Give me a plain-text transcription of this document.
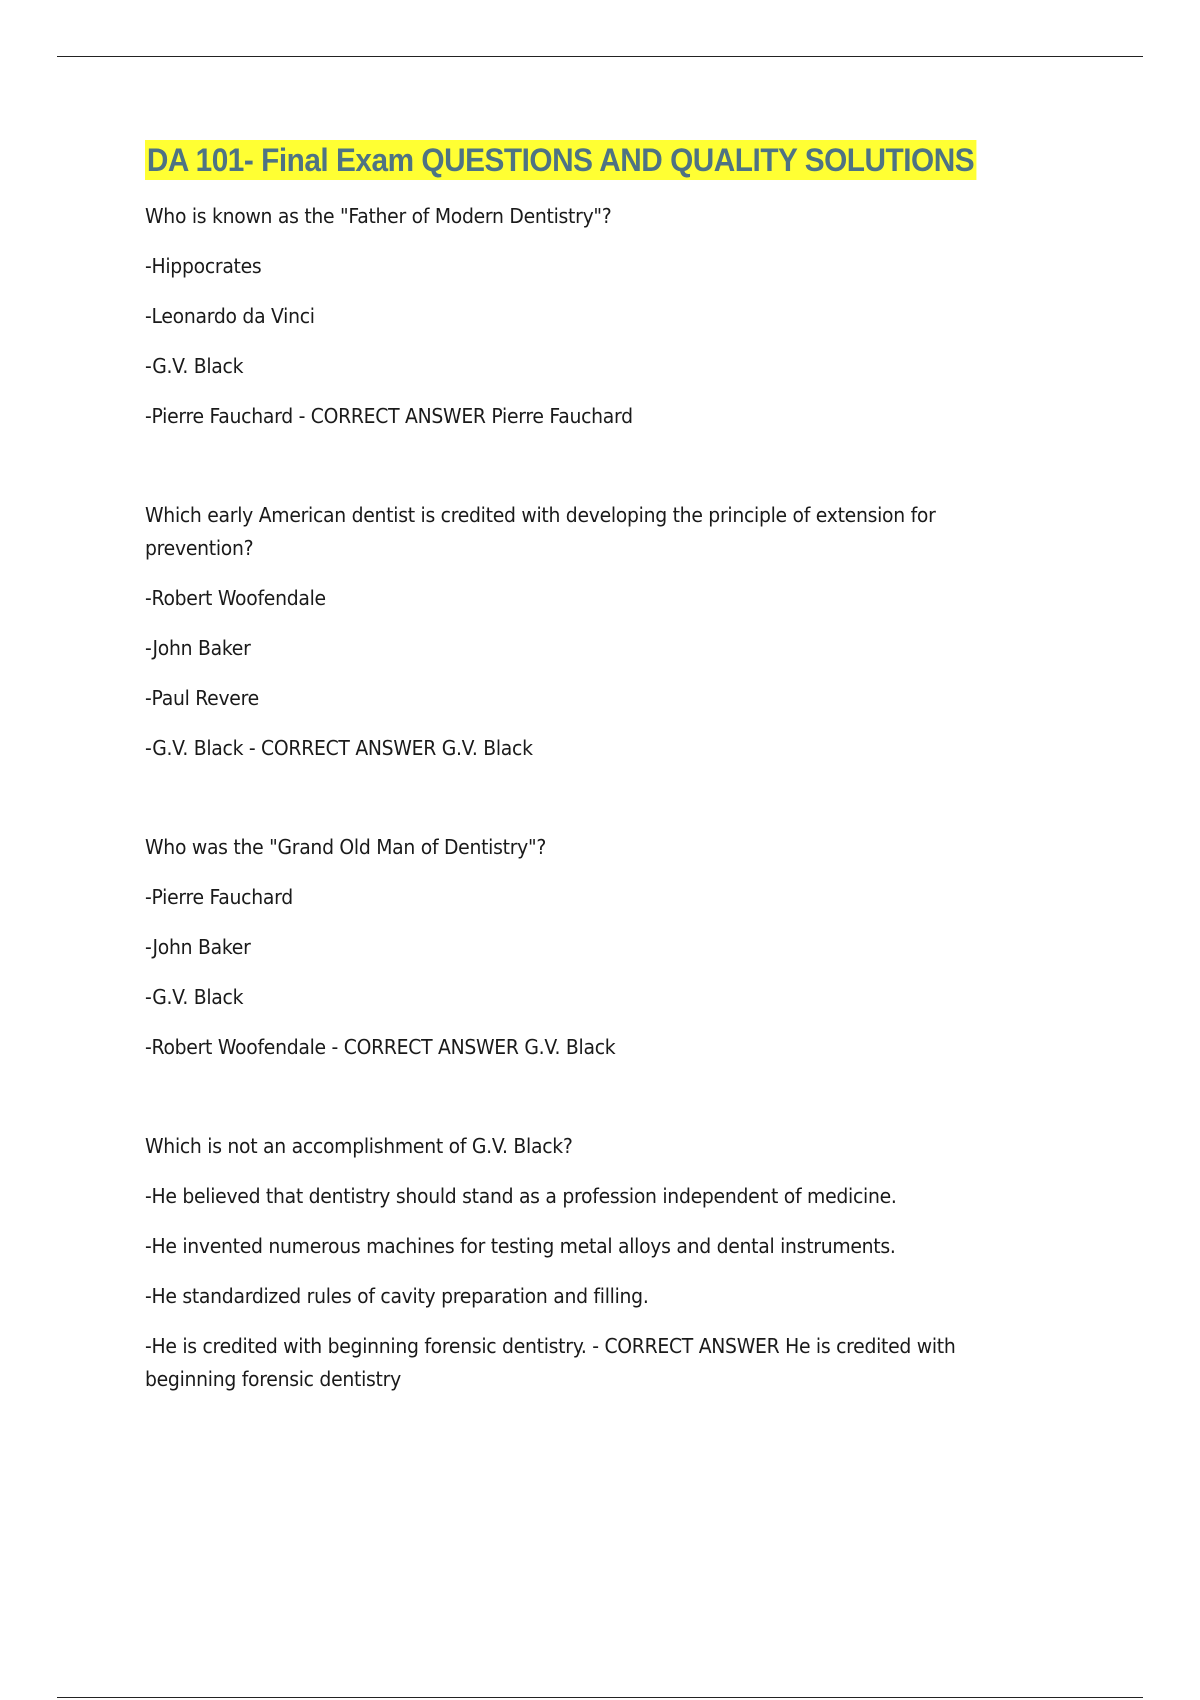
DA 101- Final Exam QUESTIONS AND QUALITY SOLUTIONS

Who is known as the "Father of Modern Dentistry"?

-Hippocrates

-Leonardo da Vinci

-G.V. Black

-Pierre Fauchard - CORRECT ANSWER Pierre Fauchard

Which early American dentist is credited with developing the principle of extension for prevention?

-Robert Woofendale

-John Baker

-Paul Revere

-G.V. Black - CORRECT ANSWER G.V. Black

Who was the "Grand Old Man of Dentistry"?

-Pierre Fauchard

-John Baker

-G.V. Black

-Robert Woofendale - CORRECT ANSWER G.V. Black

Which is not an accomplishment of G.V. Black?

-He believed that dentistry should stand as a profession independent of medicine.

-He invented numerous machines for testing metal alloys and dental instruments.

-He standardized rules of cavity preparation and filling.

-He is credited with beginning forensic dentistry. - CORRECT ANSWER He is credited with beginning forensic dentistry
